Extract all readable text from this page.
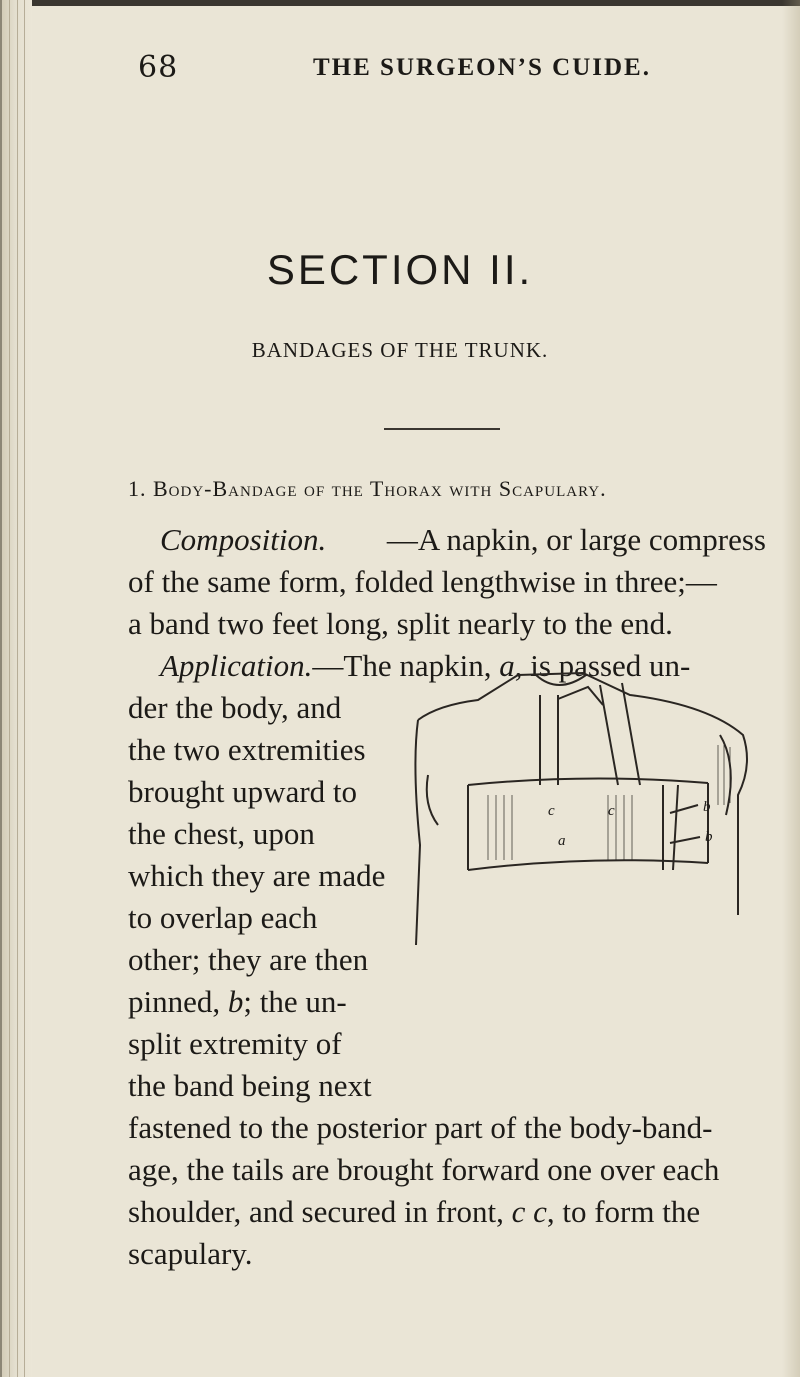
68	THE SURGEON’S CUIDE.
SECTION II.
BANDAGES OF THE TRUNK.
1. Body-Bandage of the Thorax with Scapulary.
Composition. —A napkin, or large compress
of the same form, folded lengthwise in three;—
a band two feet long, split nearly to the end.
Application.—The napkin, a, is passed un-
der the body, and
the two extremities
brought upward to
the chest, upon
which they are made
to overlap each
other; they are then
pinned, b; the un-
split extremity of
the band being next
fastened to the posterior part of the body-band-
age, the tails are brought forward one over each
shoulder, and secured in front, c c, to form the
scapulary.
c	c
a
b
b
